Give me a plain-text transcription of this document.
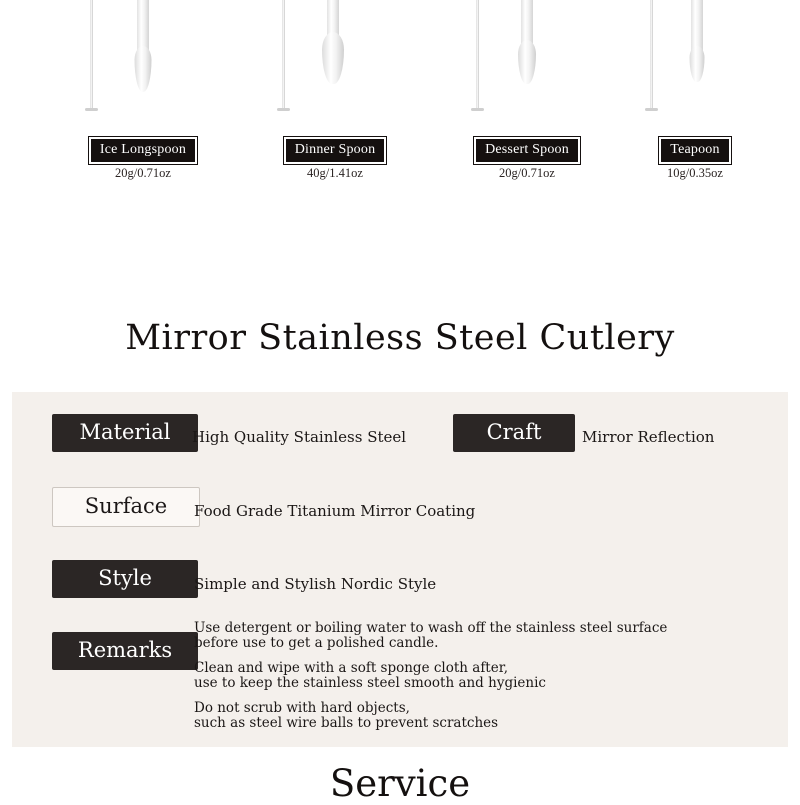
Ice Longspoon
20g/0.71oz
Dinner Spoon
40g/1.41oz
Dessert Spoon
20g/0.71oz
Teapoon
10g/0.35oz
Mirror Stainless Steel Cutlery
Material	High Quality Stainless Steel	Craft	Mirror Reflection
Surface	Food Grade Titanium Mirror Coating
Style	Simple and Stylish Nordic Style
Remarks

Use detergent or boiling water to wash off the stainless steel surface
before use to get a polished candle.

Clean and wipe with a soft sponge cloth after,
use to keep the stainless steel smooth and hygienic

Do not scrub with hard objects,
such as steel wire balls to prevent scratches

Service
